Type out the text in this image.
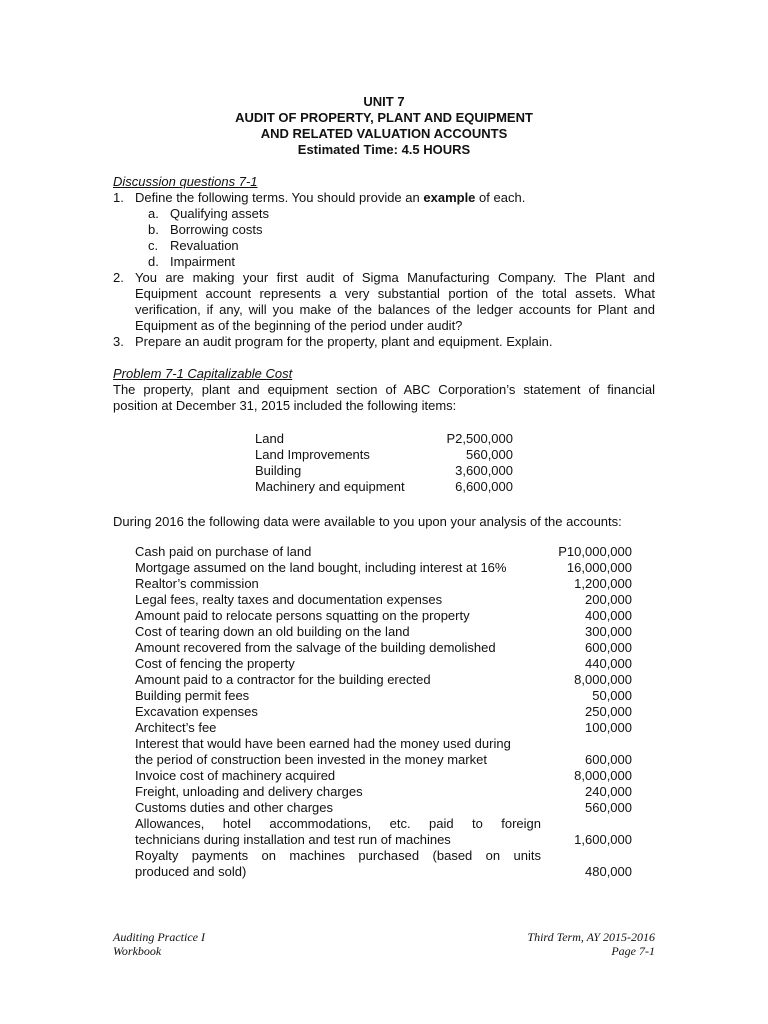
UNIT 7
AUDIT OF PROPERTY, PLANT AND EQUIPMENT
AND RELATED VALUATION ACCOUNTS
Estimated Time: 4.5 HOURS
Discussion questions 7-1
1. Define the following terms. You should provide an example of each.
a. Qualifying assets
b. Borrowing costs
c. Revaluation
d. Impairment
2. You are making your first audit of Sigma Manufacturing Company. The Plant and
Equipment account represents a very substantial portion of the total assets. What
verification, if any, will you make of the balances of the ledger accounts for Plant and
Equipment as of the beginning of the period under audit?
3. Prepare an audit program for the property, plant and equipment. Explain.
Problem 7-1 Capitalizable Cost
The property, plant and equipment section of ABC Corporation’s statement of financial
position at December 31, 2015 included the following items:
Land	P2,500,000
Land Improvements	560,000
Building	3,600,000
Machinery and equipment	6,600,000
During 2016 the following data were available to you upon your analysis of the accounts:
Cash paid on purchase of land	P10,000,000
Mortgage assumed on the land bought, including interest at 16%	16,000,000
Realtor’s commission	1,200,000
Legal fees, realty taxes and documentation expenses	200,000
Amount paid to relocate persons squatting on the property	400,000
Cost of tearing down an old building on the land	300,000
Amount recovered from the salvage of the building demolished	600,000
Cost of fencing the property	440,000
Amount paid to a contractor for the building erected	8,000,000
Building permit fees	50,000
Excavation expenses	250,000
Architect’s fee	100,000
Interest that would have been earned had the money used during
the period of construction been invested in the money market	600,000
Invoice cost of machinery acquired	8,000,000
Freight, unloading and delivery charges	240,000
Customs duties and other charges	560,000
Allowances, hotel accommodations, etc. paid to foreign
technicians during installation and test run of machines	1,600,000
Royalty payments on machines purchased (based on units
produced and sold)	480,000
Auditing Practice I
Workbook
Third Term, AY 2015-2016
Page 7-1
